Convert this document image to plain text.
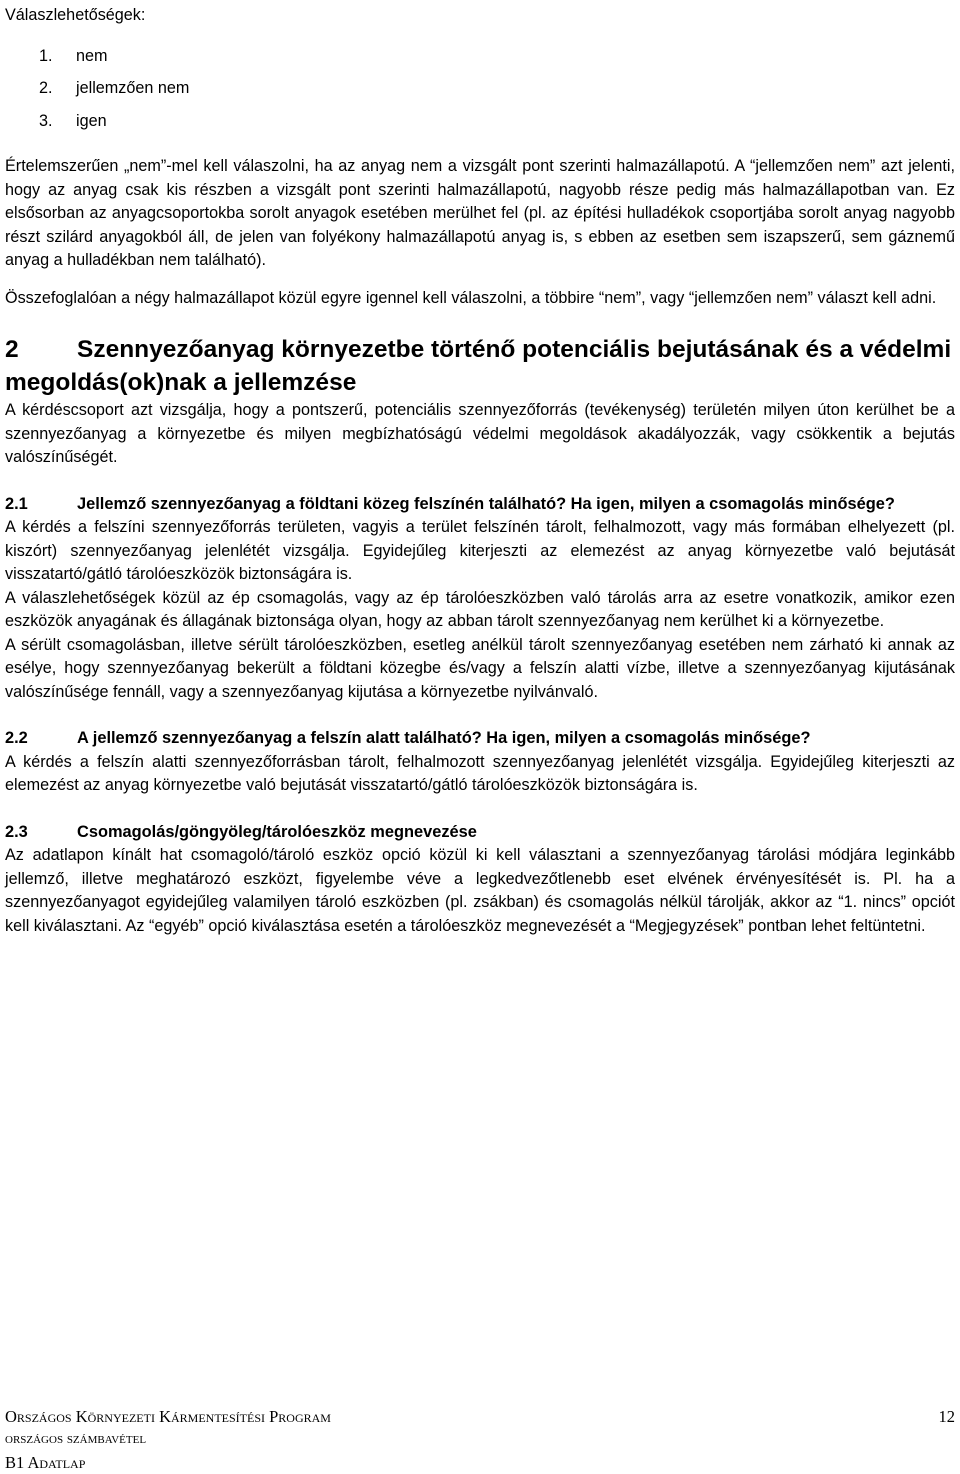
Válaszlehetőségek:

1.	nem
2.	jellemzően nem
3.	igen

Értelemszerűen „nem”-mel kell válaszolni, ha az anyag nem a vizsgált pont szerinti halmazállapotú. A “jellemzően nem” azt jelenti, hogy az anyag csak kis részben a vizsgált pont szerinti halmazállapotú, nagyobb része pedig más halmazállapotban van. Ez elsősorban az anyagcsoportokba sorolt anyagok esetében merülhet fel (pl. az építési hulladékok csoportjába sorolt anyag nagyobb részt szilárd anyagokból áll, de jelen van folyékony halmazállapotú anyag is, s ebben az esetben sem iszapszerű, sem gáznemű anyag a hulladékban nem található).

Összefoglalóan a négy halmazállapot közül egyre igennel kell válaszolni, a többire “nem”, vagy “jellemzően nem” választ kell adni.

2 Szennyezőanyag környezetbe történő potenciális bejutásának és a védelmi megoldás(ok)nak a jellemzése

A kérdéscsoport azt vizsgálja, hogy a pontszerű, potenciális szennyezőforrás (tevékenység) területén milyen úton kerülhet be a szennyezőanyag a környezetbe és milyen megbízhatóságú védelmi megoldások akadályozzák, vagy csökkentik a bejutás valószínűségét.

2.1	Jellemző szennyezőanyag a földtani közeg felszínén található? Ha igen, milyen a csomagolás minősége?

A kérdés a felszíni szennyezőforrás területen, vagyis a terület felszínén tárolt, felhalmozott, vagy más formában elhelyezett (pl. kiszórt) szennyezőanyag jelenlétét vizsgálja. Egyidejűleg kiterjeszti az elemezést az anyag környezetbe való bejutását visszatartó/gátló tárolóeszközök biztonságára is.

A válaszlehetőségek közül az ép csomagolás, vagy az ép tárolóeszközben való tárolás arra az esetre vonatkozik, amikor ezen eszközök anyagának és állagának biztonsága olyan, hogy az abban tárolt szennyezőanyag nem kerülhet ki a környezetbe.

A sérült csomagolásban, illetve sérült tárolóeszközben, esetleg anélkül tárolt szennyezőanyag esetében nem zárható ki annak az esélye, hogy szennyezőanyag bekerült a földtani közegbe és/vagy a felszín alatti vízbe, illetve a szennyezőanyag kijutásának valószínűsége fennáll, vagy a szennyezőanyag kijutása a környezetbe nyilvánvaló.

2.2	A jellemző szennyezőanyag a felszín alatt található? Ha igen, milyen a csomagolás minősége?

A kérdés a felszín alatti szennyezőforrásban tárolt, felhalmozott szennyezőanyag jelenlétét vizsgálja. Egyidejűleg kiterjeszti az elemezést az anyag környezetbe való bejutását visszatartó/gátló tárolóeszközök biztonságára is.

2.3	Csomagolás/göngyöleg/tárolóeszköz megnevezése

Az adatlapon kínált hat csomagoló/tároló eszköz opció közül ki kell választani a szennyezőanyag tárolási módjára leginkább jellemző, illetve meghatározó eszközt, figyelembe véve a legkedvezőtlenebb eset elvének érvényesítését is. Pl. ha a szennyezőanyagot egyidejűleg valamilyen tároló eszközben (pl. zsákban) és csomagolás nélkül tárolják, akkor az “1. nincs” opciót kell kiválasztani. Az “egyéb” opció kiválasztása esetén a tárolóeszköz megnevezését a “Megjegyzések” pontban lehet feltüntetni.

Országos Környezeti Kármentesítési Program	12
országos számbavétel
B1 Adatlap
